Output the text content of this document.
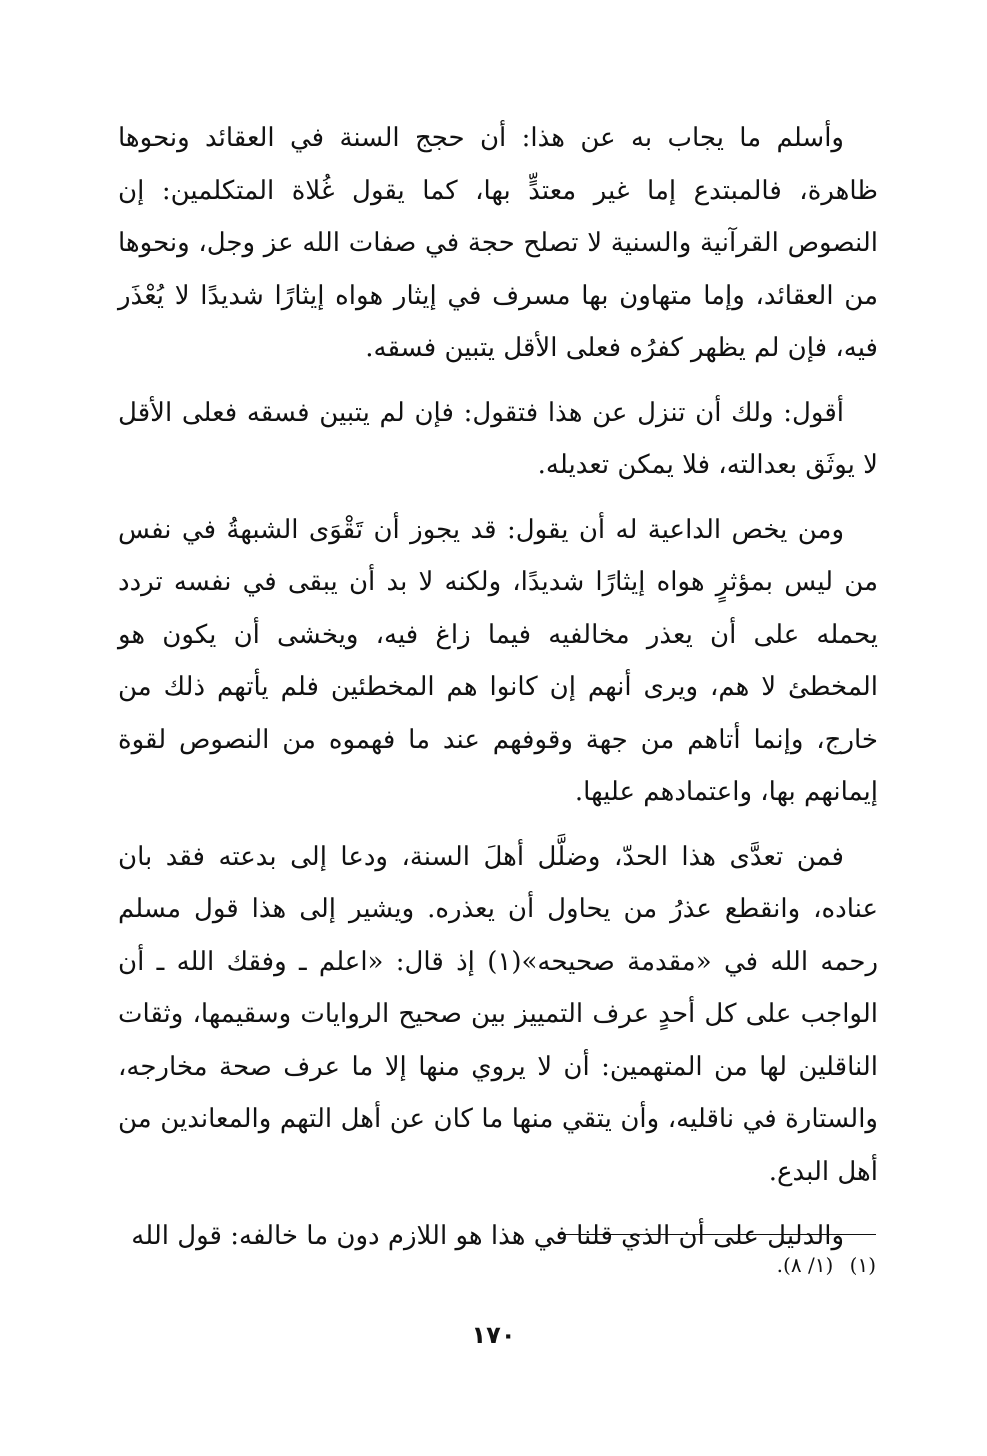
وأسلم ما يجاب به عن هذا: أن حجج السنة في العقائد ونحوها ظاهرة، فالمبتدع إما غير معتدٍّ بها، كما يقول غُلاة المتكلمين: إن النصوص القرآنية والسنية لا تصلح حجة في صفات الله عز وجل، ونحوها من العقائد، وإما متهاون بها مسرف في إيثار هواه إيثارًا شديدًا لا يُعْذَر فيه، فإن لم يظهر كفرُه فعلى الأقل يتبين فسقه.

أقول: ولك أن تنزل عن هذا فتقول: فإن لم يتبين فسقه فعلى الأقل لا يوثَق بعدالته، فلا يمكن تعديله.

ومن يخص الداعية له أن يقول: قد يجوز أن تَقْوَى الشبهةُ في نفس من ليس بمؤثرٍ هواه إيثارًا شديدًا، ولكنه لا بد أن يبقى في نفسه تردد يحمله على أن يعذر مخالفيه فيما زاغ فيه، ويخشى أن يكون هو المخطئ لا هم، ويرى أنهم إن كانوا هم المخطئين فلم يأتهم ذلك من خارج، وإنما أتاهم من جهة وقوفهم عند ما فهموه من النصوص لقوة إيمانهم بها، واعتمادهم عليها.

فمن تعدَّى هذا الحدّ، وضلَّل أهلَ السنة، ودعا إلى بدعته فقد بان عناده، وانقطع عذرُ من يحاول أن يعذره. ويشير إلى هذا قول مسلم رحمه الله في «مقدمة صحيحه»(١) إذ قال: «اعلم ـ وفقك الله ـ أن الواجب على كل أحدٍ عرف التمييز بين صحيح الروايات وسقيمها، وثقات الناقلين لها من المتهمين: أن لا يروي منها إلا ما عرف صحة مخارجه، والستارة في ناقليه، وأن يتقي منها ما كان عن أهل التهم والمعاندين من أهل البدع.

والدليل على أن الذي قلنا في هذا هو اللازم دون ما خالفه: قول الله

(١) (١/ ٨).
١٧٠
